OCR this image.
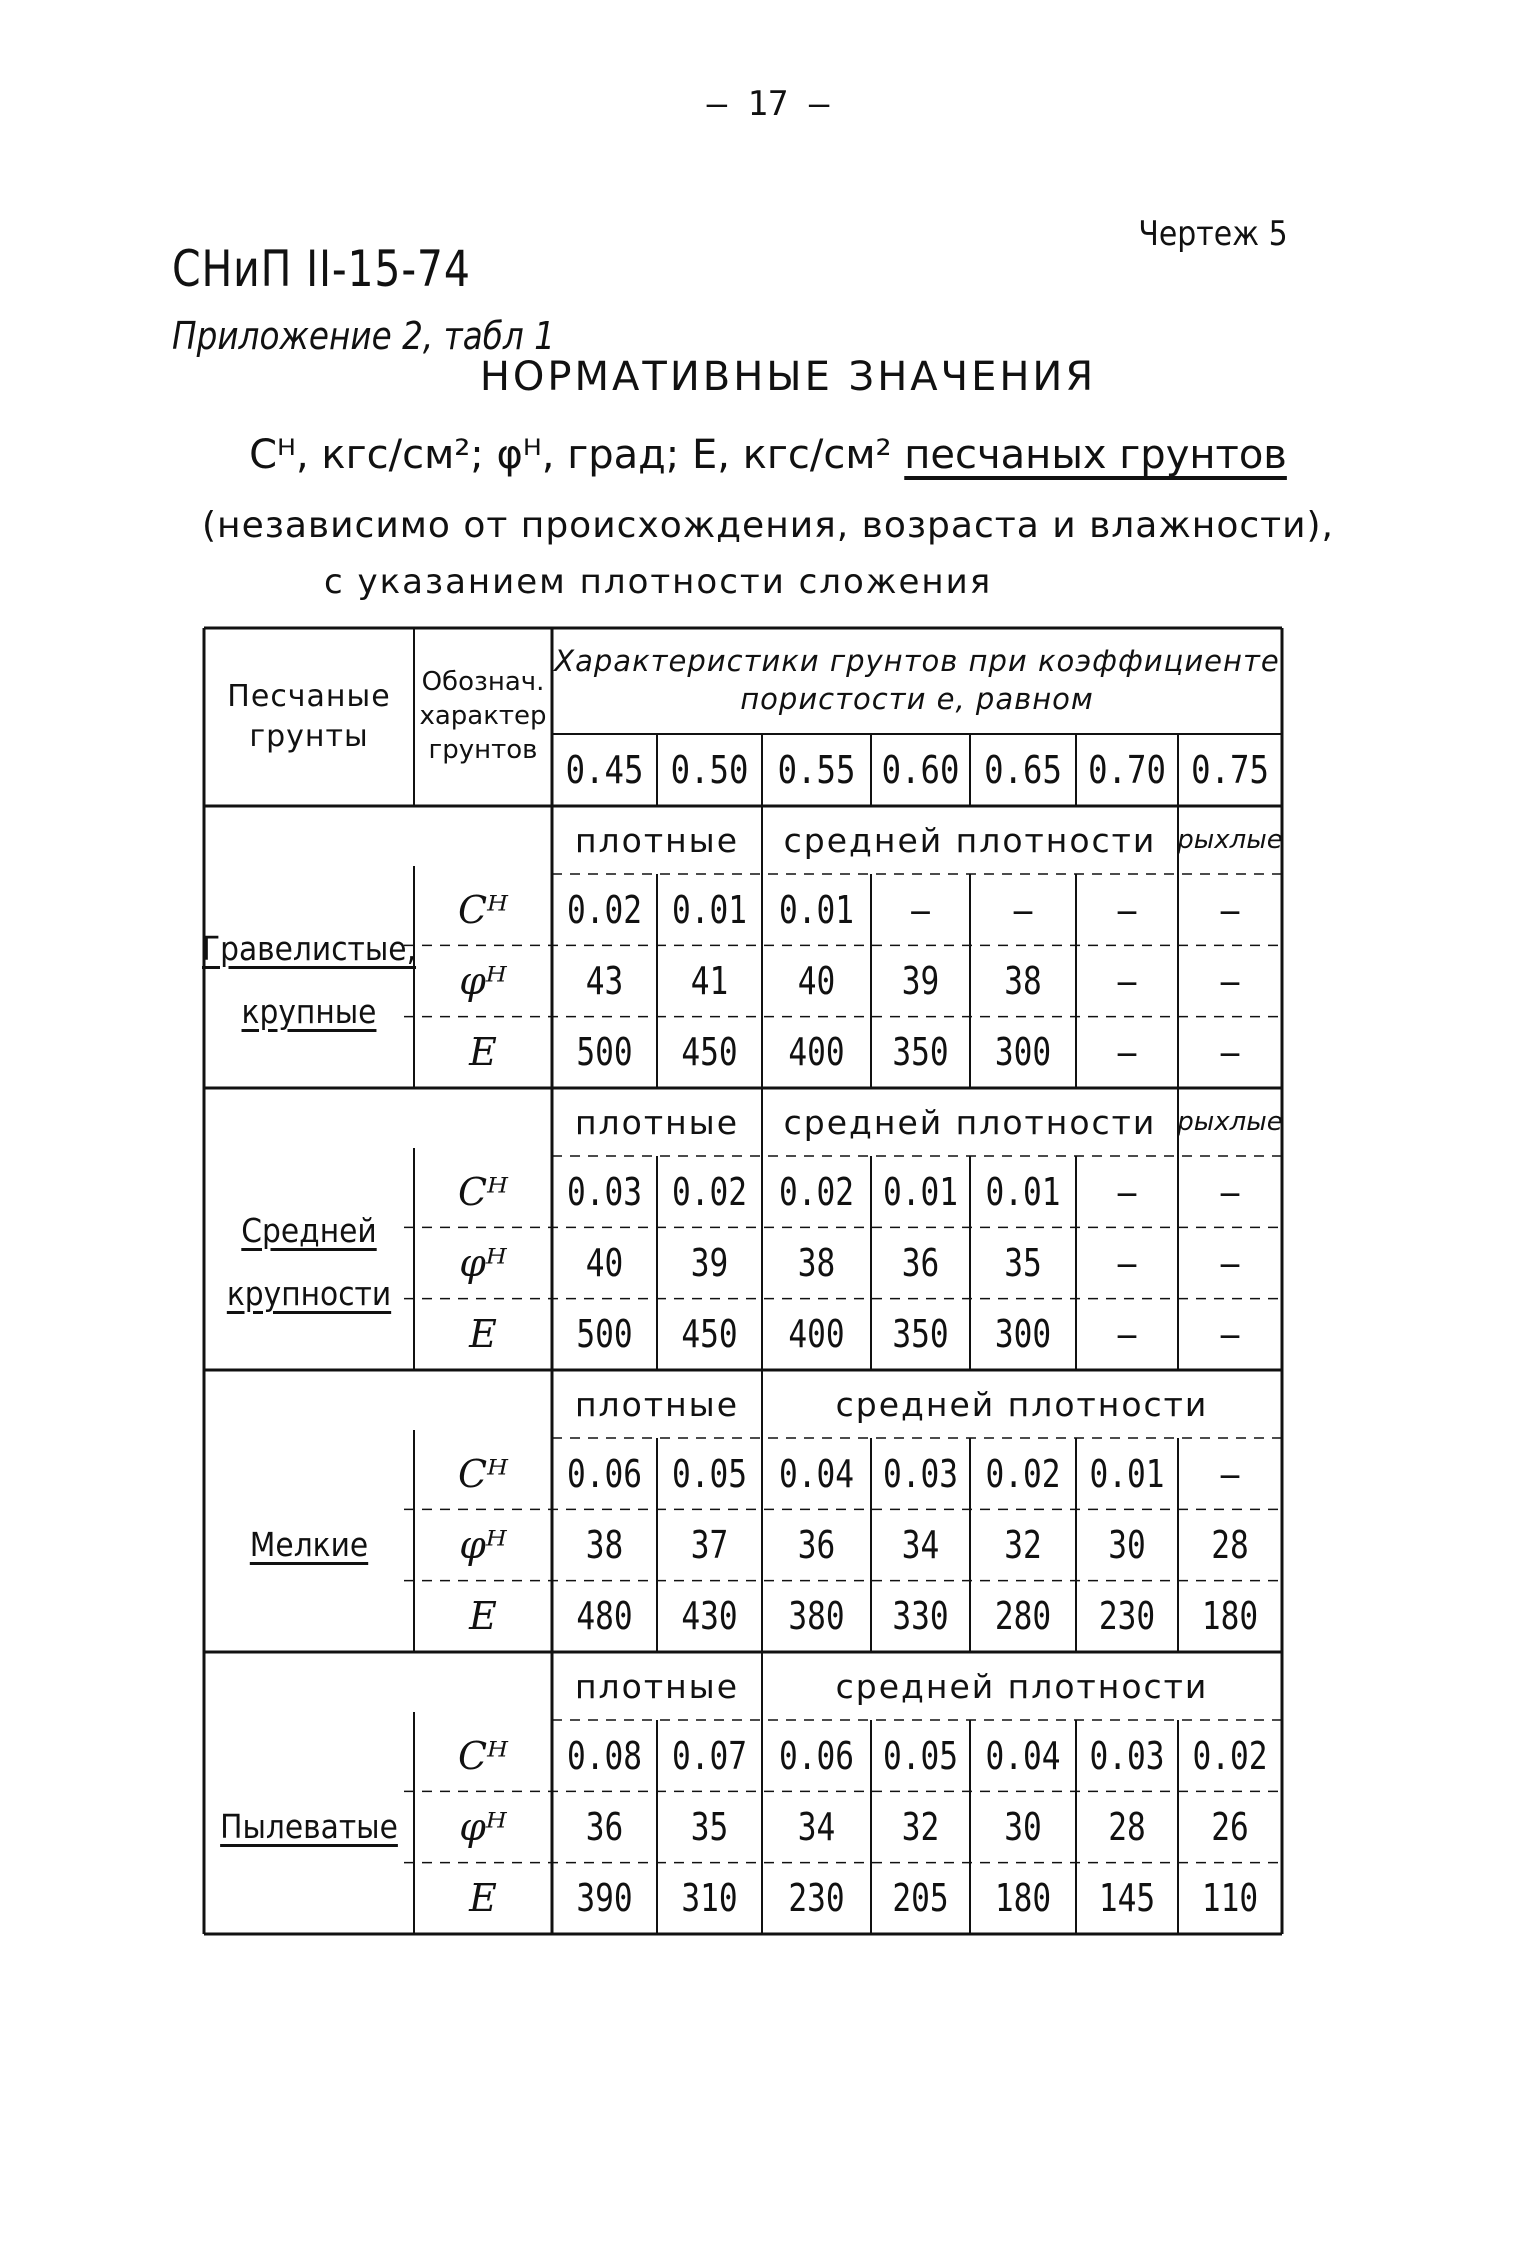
– 17 –
Чертеж 5
СНиП II-15-74
Приложение 2, табл 1
НОРМАТИВНЫЕ ЗНАЧЕНИЯ
Сᴴ, кгс/см²; φᴴ, град; Е, кгс/см² песчаных грунтов
(независимо от происхождения, возраста и влажности),
с указанием плотности сложения
Песчаные грунты
Обознач. характер грунтов
Характеристики грунтов при коэффициенте пористости e, равном
0.45 0.50 0.55 0.60 0.65 0.70 0.75
плотные средней плотности рыхлые
Сᴴ 0.02 0.01 0.01 – – – –
φᴴ 43 41 40 39 38 – –
Е 500 450 400 350 300 – –
Гравелистые, крупные
плотные средней плотности рыхлые
Сᴴ 0.03 0.02 0.02 0.01 0.01 – –
φᴴ 40 39 38 36 35 – –
Е 500 450 400 350 300 – –
Средней крупности
плотные	средней плотности
Сᴴ 0.06 0.05 0.04 0.03 0.02 0.01 –
φᴴ 38 37 36 34 32 30 28
Е 480 430 380 330 280 230 180
Мелкие
плотные	средней плотности
Сᴴ 0.08 0.07 0.06 0.05 0.04 0.03 0.02
φᴴ 36 35 34 32 30 28 26
Е 390 310 230 205 180 145 110
Пылеватые
